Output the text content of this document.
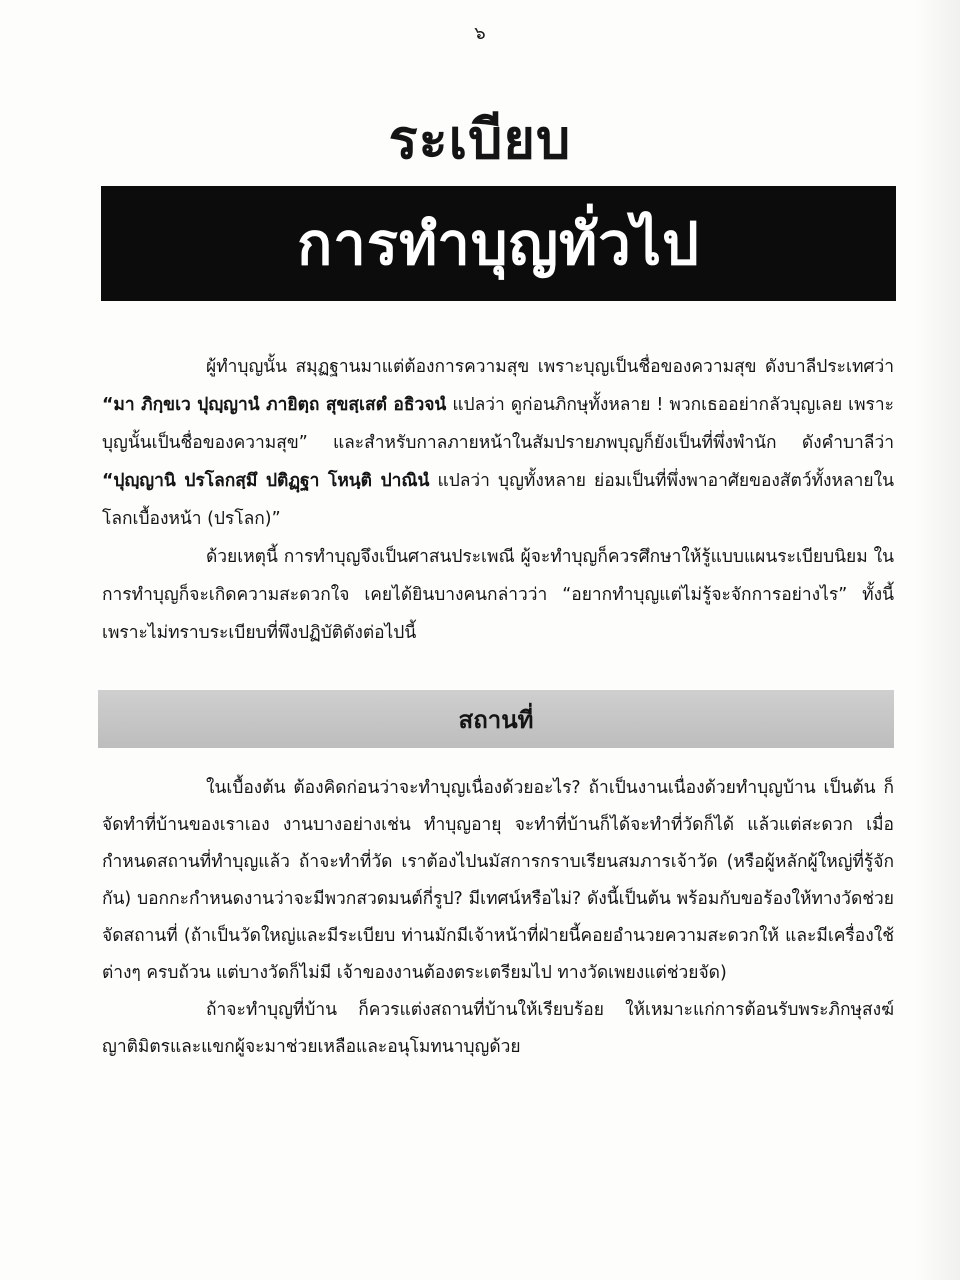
๖
ระเบียบ
การทำบุญทั่วไป

ผู้ทำบุญนั้น สมุฏฐานมาแต่ต้องการความสุข เพราะบุญเป็นชื่อของความสุข ดังบาลีประเทศว่า “มา ภิกฺขเว ปุญฺญานํ ภายิตฺถ สุขสฺเสตํ อธิวจนํ แปลว่า ดูก่อนภิกษุทั้งหลาย ! พวกเธออย่ากลัวบุญเลย เพราะบุญนั้นเป็นชื่อของความสุข” และสำหรับกาลภายหน้าในสัมปรายภพบุญก็ยังเป็นที่พึ่งพำนัก ดังคำบาลีว่า “ปุญฺญานิ ปรโลกสฺมึ ปติฏฺฐา โหนฺติ ปาณินํ แปลว่า บุญทั้งหลาย ย่อมเป็นที่พึ่งพาอาศัยของสัตว์ทั้งหลายในโลกเบื้องหน้า (ปรโลก)”

ด้วยเหตุนี้ การทำบุญจึงเป็นศาสนประเพณี ผู้จะทำบุญก็ควรศึกษาให้รู้แบบแผนระเบียบนิยม ในการทำบุญก็จะเกิดความสะดวกใจ เคยได้ยินบางคนกล่าวว่า “อยากทำบุญแต่ไม่รู้จะจักการอย่างไร” ทั้งนี้เพราะไม่ทราบระเบียบที่พึงปฏิบัติดังต่อไปนี้

สถานที่

ในเบื้องต้น ต้องคิดก่อนว่าจะทำบุญเนื่องด้วยอะไร? ถ้าเป็นงานเนื่องด้วยทำบุญบ้าน เป็นต้น ก็จัดทำที่บ้านของเราเอง งานบางอย่างเช่น ทำบุญอายุ จะทำที่บ้านก็ได้จะทำที่วัดก็ได้ แล้วแต่สะดวก เมื่อกำหนดสถานที่ทำบุญแล้ว ถ้าจะทำที่วัด เราต้องไปนมัสการกราบเรียนสมภารเจ้าวัด (หรือผู้หลักผู้ใหญ่ที่รู้จักกัน) บอกกะกำหนดงานว่าจะมีพวกสวดมนต์กี่รูป? มีเทศน์หรือไม่? ดังนี้เป็นต้น พร้อมกับขอร้องให้ทางวัดช่วยจัดสถานที่ (ถ้าเป็นวัดใหญ่และมีระเบียบ ท่านมักมีเจ้าหน้าที่ฝ่ายนี้คอยอำนวยความสะดวกให้ และมีเครื่องใช้ต่างๆ ครบถ้วน แต่บางวัดก็ไม่มี เจ้าของงานต้องตระเตรียมไป ทางวัดเพยงแต่ช่วยจัด)

ถ้าจะทำบุญที่บ้าน ก็ควรแต่งสถานที่บ้านให้เรียบร้อย ให้เหมาะแก่การต้อนรับพระภิกษุสงฆ์ ญาติมิตรและแขกผู้จะมาช่วยเหลือและอนุโมทนาบุญด้วย
